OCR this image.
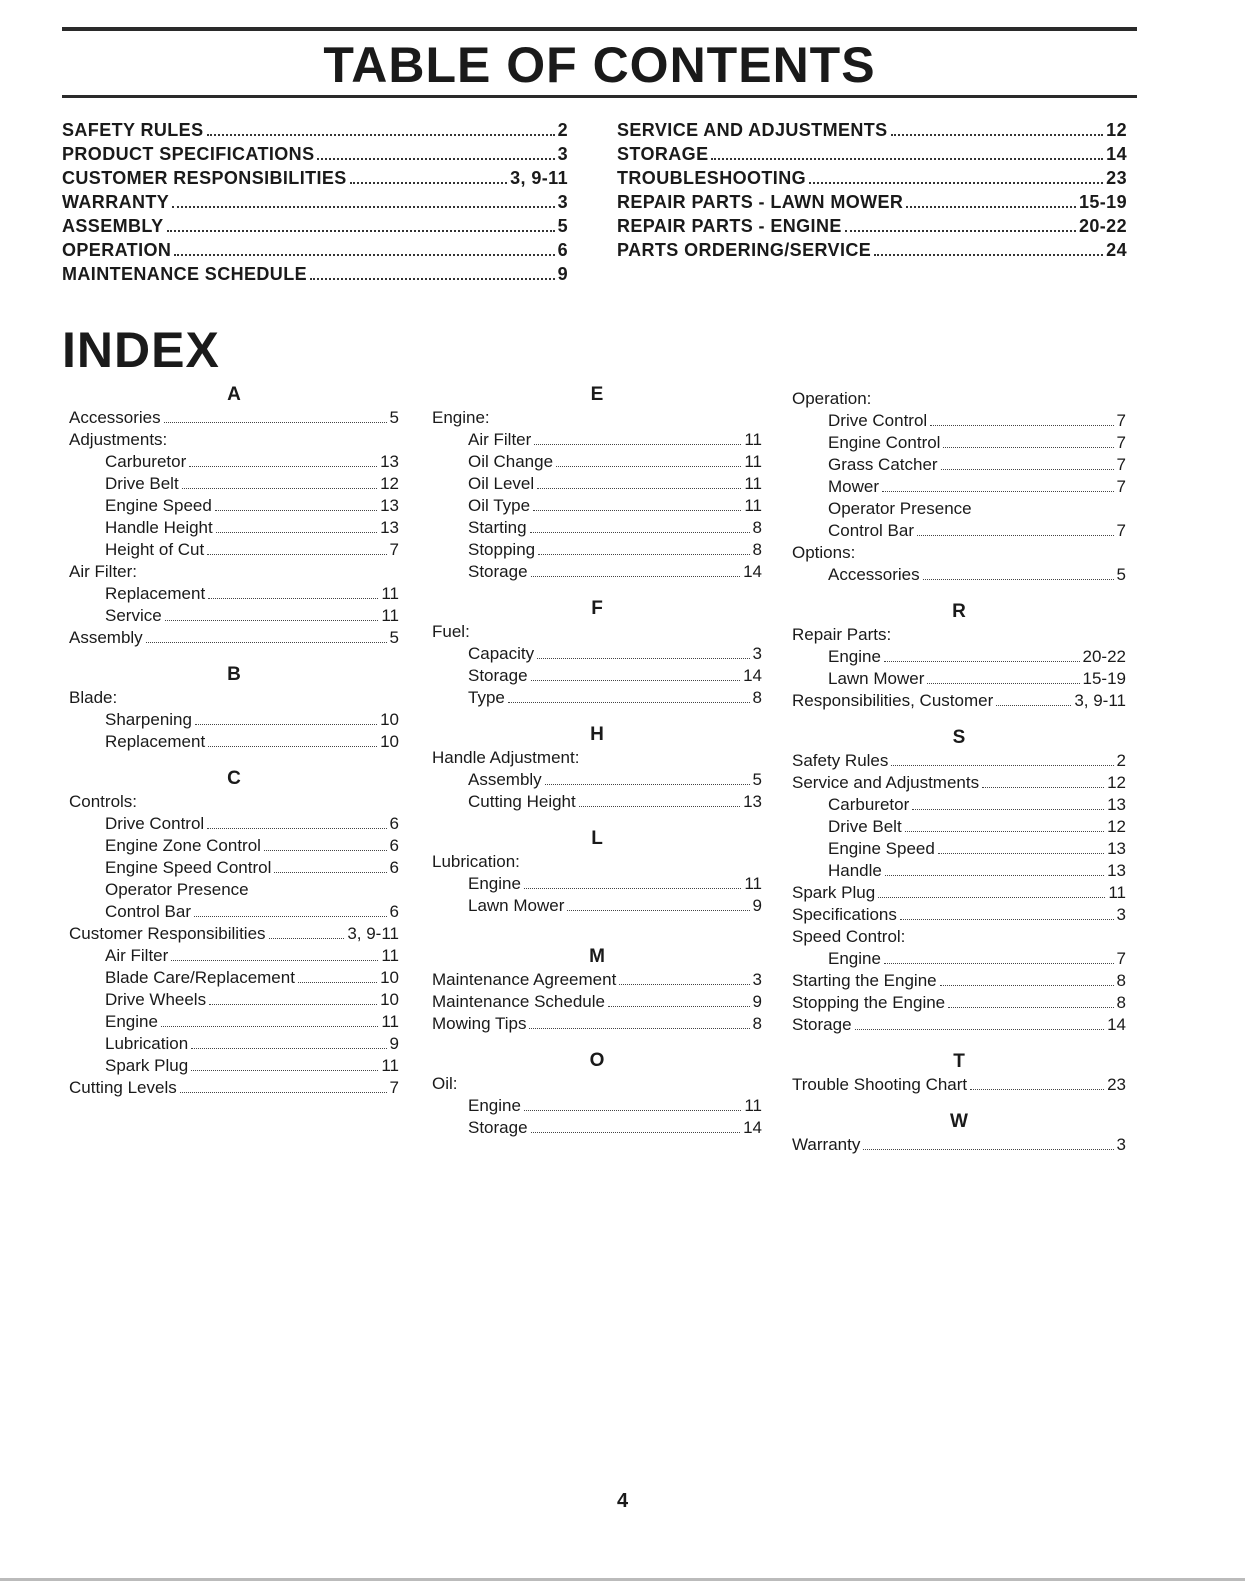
TABLE OF CONTENTS
SAFETY RULES	2
PRODUCT SPECIFICATIONS	3
CUSTOMER RESPONSIBILITIES	3, 9-11
WARRANTY	3
ASSEMBLY	5
OPERATION	6
MAINTENANCE SCHEDULE	9
SERVICE AND ADJUSTMENTS	12
STORAGE	14
TROUBLESHOOTING	23
REPAIR PARTS - LAWN MOWER	15-19
REPAIR PARTS - ENGINE	20-22
PARTS ORDERING/SERVICE	24
INDEX
A
Accessories	5
Adjustments:
Carburetor	13
Drive Belt	12
Engine Speed	13
Handle Height	13
Height of Cut	7
Air Filter:
Replacement	11
Service	11
Assembly	5
B
Blade:
Sharpening	10
Replacement	10
C
Controls:
Drive Control	6
Engine Zone Control	6
Engine Speed Control	6
Operator Presence
Control Bar	6
Customer Responsibilities	3, 9-11
Air Filter	11
Blade Care/Replacement	10
Drive Wheels	10
Engine	11
Lubrication	9
Spark Plug	11
Cutting Levels	7
E
Engine:
Air Filter	11
Oil Change	11
Oil Level	11
Oil Type	11
Starting	8
Stopping	8
Storage	14
F
Fuel:
Capacity	3
Storage	14
Type	8
H
Handle Adjustment:
Assembly	5
Cutting Height	13
L
Lubrication:
Engine	11
Lawn Mower	9
M
Maintenance Agreement	3
Maintenance Schedule	9
Mowing Tips	8
O
Oil:
Engine	11
Storage	14
Operation:
Drive Control	7
Engine Control	7
Grass Catcher	7
Mower	7
Operator Presence
Control Bar	7
Options:
Accessories	5
R
Repair Parts:
Engine	20-22
Lawn Mower	15-19
Responsibilities, Customer	3, 9-11
S
Safety Rules	2
Service and Adjustments	12
Carburetor	13
Drive Belt	12
Engine Speed	13
Handle	13
Spark Plug	11
Specifications	3
Speed Control:
Engine	7
Starting the Engine	8
Stopping the Engine	8
Storage	14
T
Trouble Shooting Chart	23
W
Warranty	3
4
